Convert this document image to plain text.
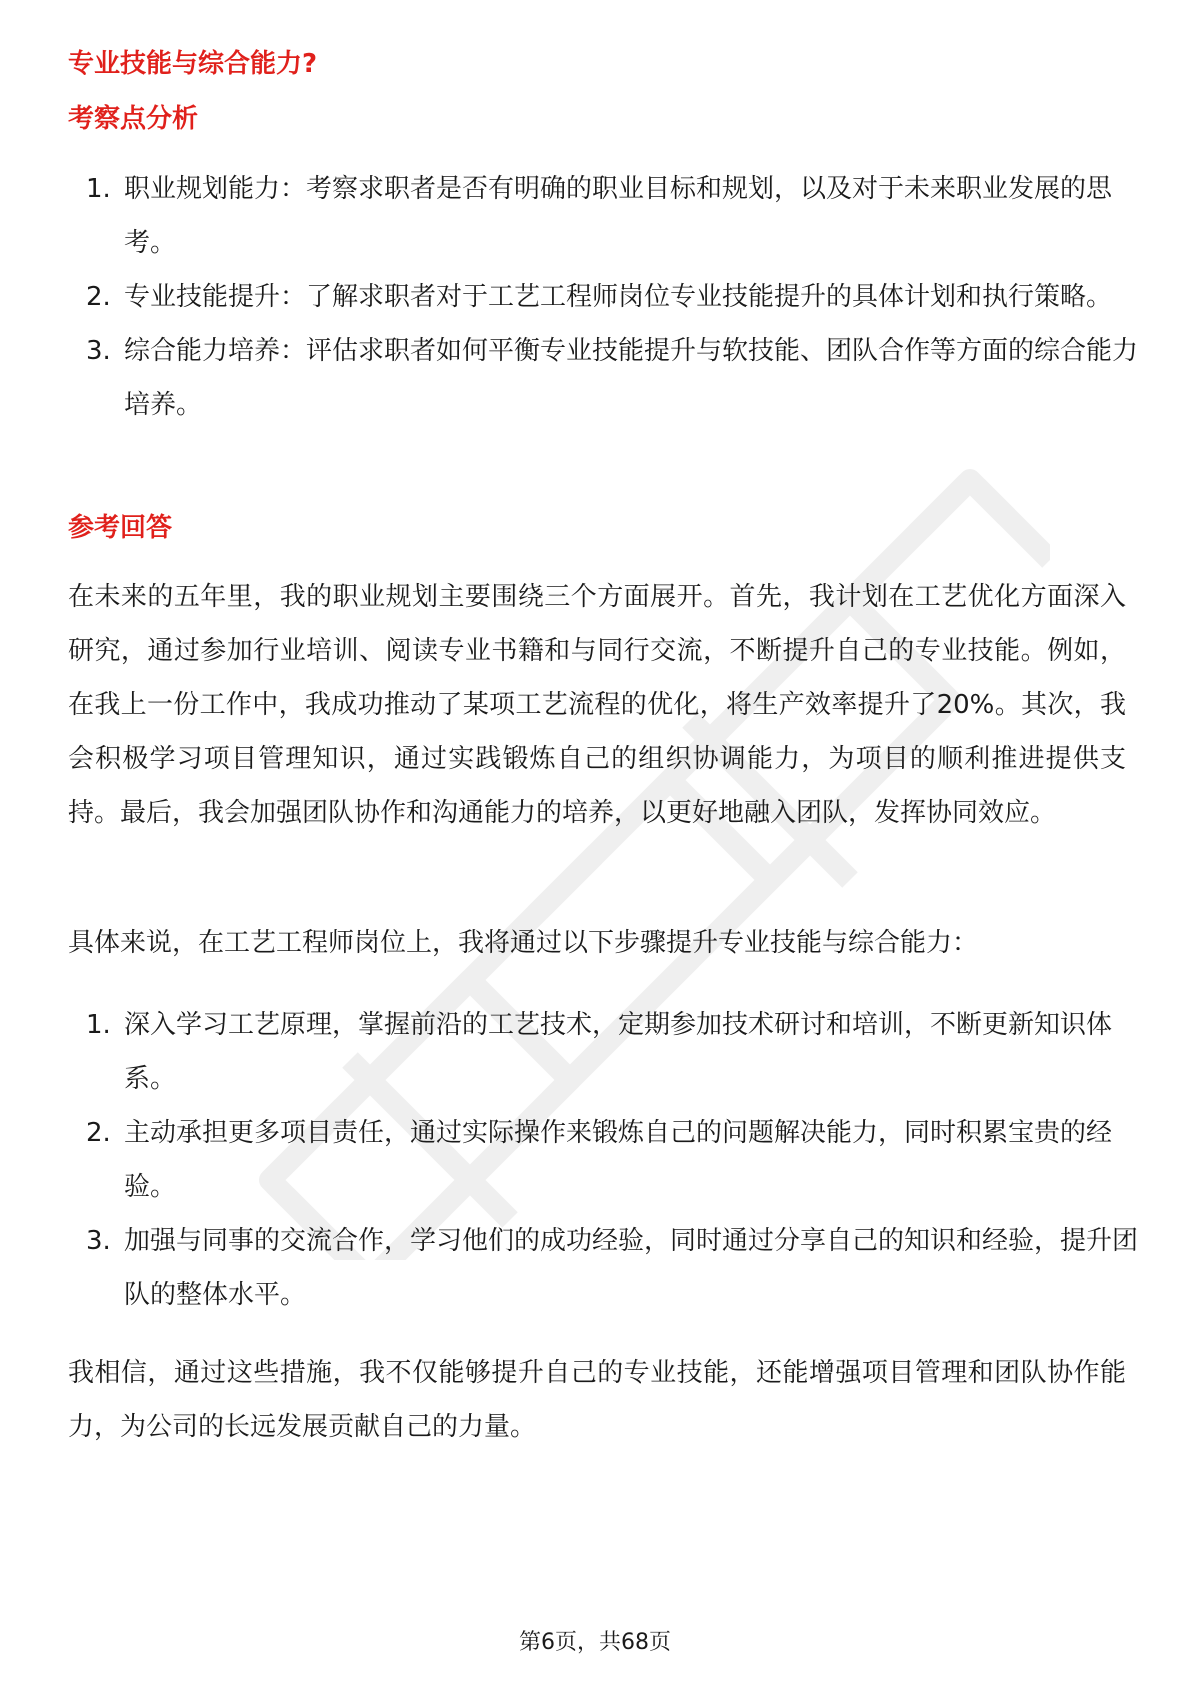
专业技能与综合能力?
考察点分析
1. 职业规划能力：考察求职者是否有明确的职业目标和规划，以及对于未来职业发展的思考。
2. 专业技能提升：了解求职者对于工艺工程师岗位专业技能提升的具体计划和执行策略。
3. 综合能力培养：评估求职者如何平衡专业技能提升与软技能、团队合作等方面的综合能力培养。
参考回答

在未来的五年里，我的职业规划主要围绕三个方面展开。首先，我计划在工艺优化方面深入研究，通过参加行业培训、阅读专业书籍和与同行交流，不断提升自己的专业技能。例如，在我上一份工作中，我成功推动了某项工艺流程的优化，将生产效率提升了20%。其次，我会积极学习项目管理知识，通过实践锻炼自己的组织协调能力，为项目的顺利推进提供支持。最后，我会加强团队协作和沟通能力的培养，以更好地融入团队，发挥协同效应。

具体来说，在工艺工程师岗位上，我将通过以下步骤提升专业技能与综合能力：

1. 深入学习工艺原理，掌握前沿的工艺技术，定期参加技术研讨和培训，不断更新知识体系。
2. 主动承担更多项目责任，通过实际操作来锻炼自己的问题解决能力，同时积累宝贵的经验。
3. 加强与同事的交流合作，学习他们的成功经验，同时通过分享自己的知识和经验，提升团队的整体水平。

我相信，通过这些措施，我不仅能够提升自己的专业技能，还能增强项目管理和团队协作能力，为公司的长远发展贡献自己的力量。

第6页，共68页
